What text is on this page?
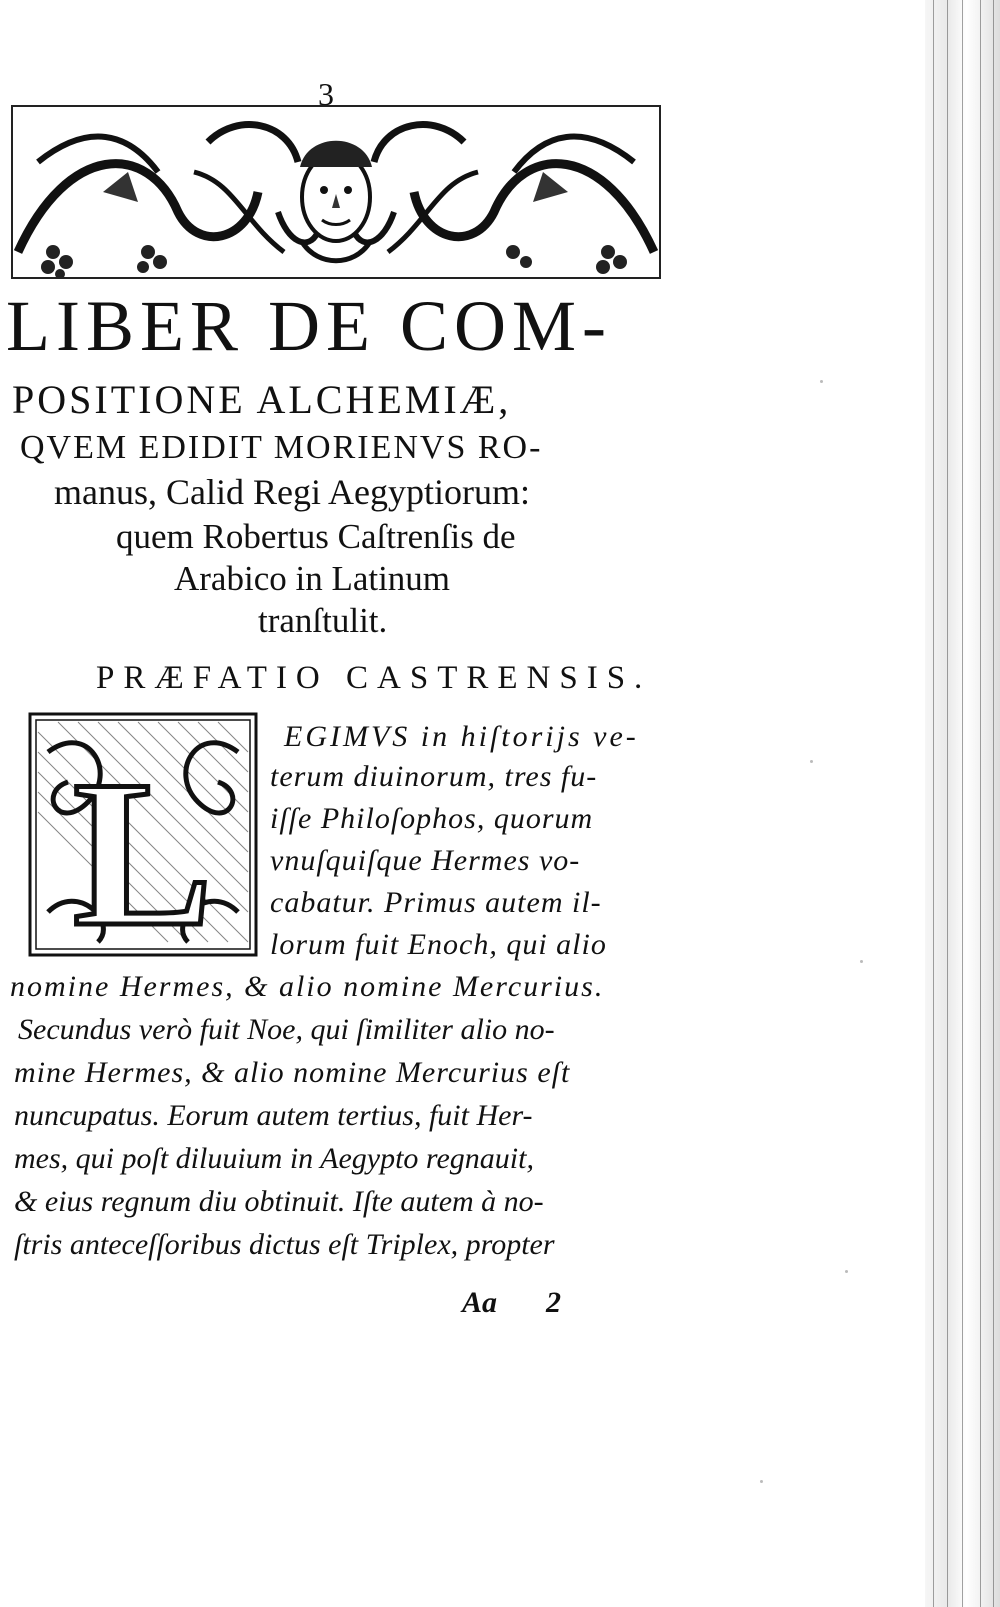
3
LIBER DE COM-
POSITIONE ALCHEMIÆ,
QVEM EDIDIT MORIENVS RO-
manus, Calid Regi Aegyptiorum:
quem Robertus Caſtrenſis de
Arabico in Latinum
tranſtulit.
PRÆFATIO CASTRENSIS.
L
EGIMVS in hiſtorijs ve-
terum diuinorum, tres fu-
iſſe Philoſophos, quorum
vnuſquiſque Hermes vo-
cabatur. Primus autem il-
lorum fuit Enoch, qui alio
nomine Hermes, & alio nomine Mercurius.
Secundus verò fuit Noe, qui ſimiliter alio no-
mine Hermes, & alio nomine Mercurius eſt
nuncupatus. Eorum autem tertius, fuit Her-
mes, qui poſt diluuium in Aegypto regnauit,
& eius regnum diu obtinuit. Iſte autem à no-
ſtris anteceſſoribus dictus eſt Triplex, propter
Aa 2
